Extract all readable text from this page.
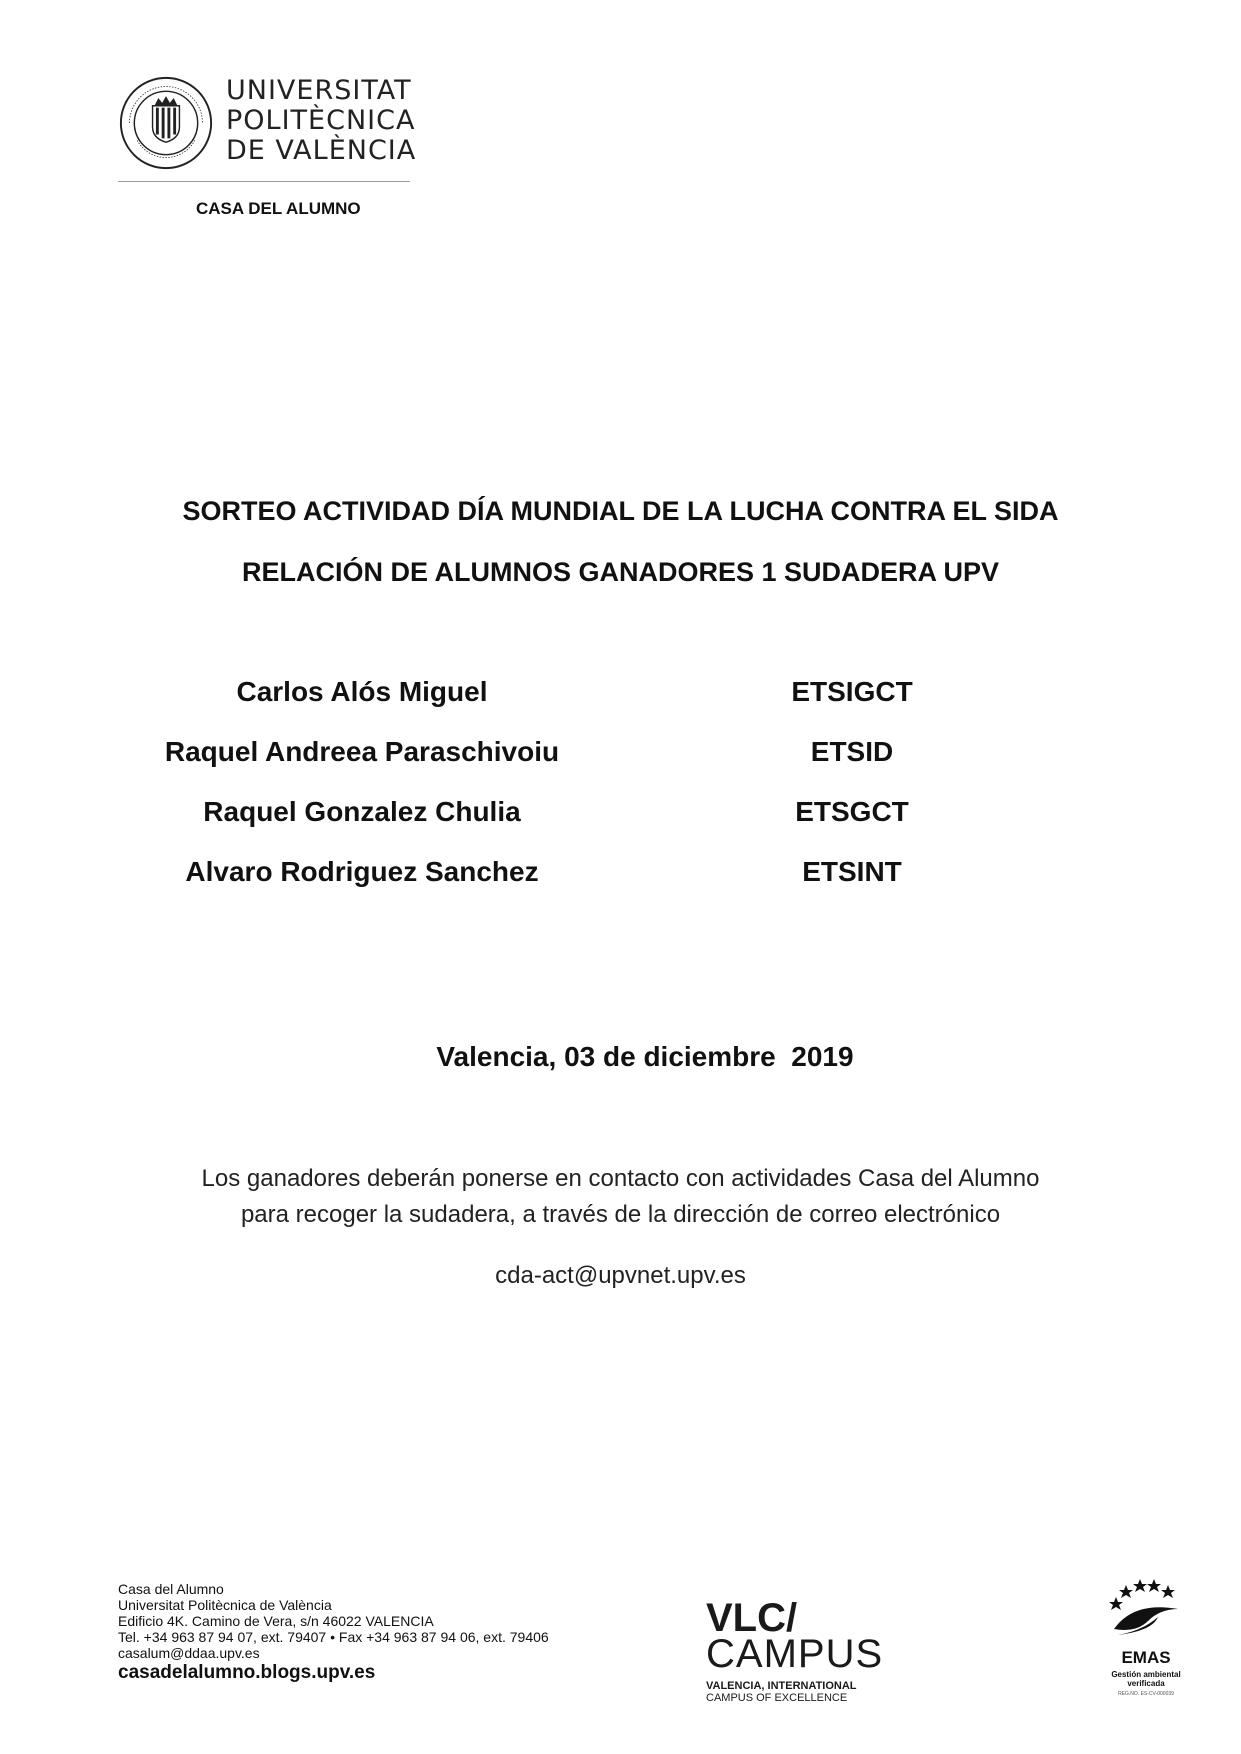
UNIVERSITAT
POLITÈCNICA
DE VALÈNCIA
CASA DEL ALUMNO
SORTEO ACTIVIDAD DÍA MUNDIAL DE LA LUCHA CONTRA EL SIDA
RELACIÓN DE ALUMNOS GANADORES 1 SUDADERA UPV
Carlos Alós Miguel	ETSIGCT
Raquel Andreea Paraschivoiu	ETSID
Raquel Gonzalez Chulia	ETSGCT
Alvaro Rodriguez Sanchez	ETSINT
Valencia, 03 de diciembre  2019
Los ganadores deberán ponerse en contacto con actividades Casa del Alumno
para recoger la sudadera, a través de la dirección de correo electrónico
cda-act@upvnet.upv.es
Casa del Alumno
Universitat Politècnica de València
Edificio 4K. Camino de Vera, s/n 46022 VALENCIA
Tel. +34 963 87 94 07, ext. 79407 • Fax +34 963 87 94 06, ext. 79406
casalum@ddaa.upv.es
casadelalumno.blogs.upv.es
VLC/
CAMPUS
VALENCIA, INTERNATIONAL
CAMPUS OF EXCELLENCE
EMAS
Gestión ambiental
verificada
REG.NO. ES-CV-000039
